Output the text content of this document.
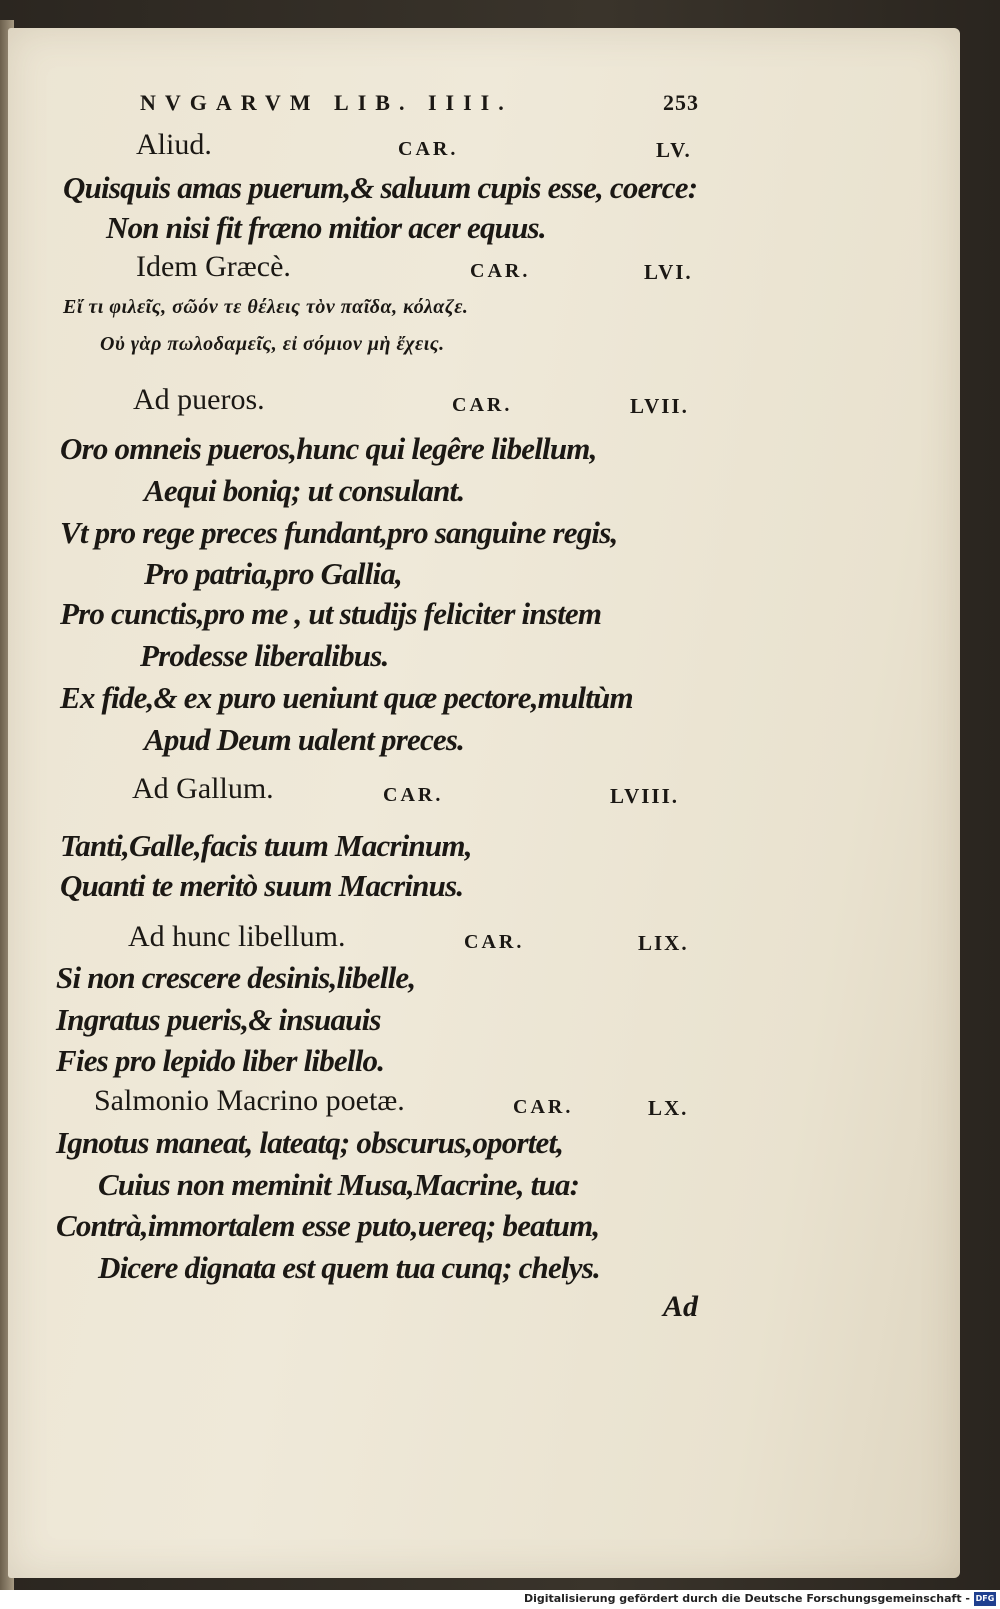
NVGARVM LIB. IIII.	253
Aliud.	CAR.	LV.
Quisquis amas puerum,& saluum cupis esse, coerce:
Non nisi fit fræno mitior acer equus.
Idem Græcè.	CAR.	LVI.
Εἴ τι φιλεῖς, σῶόν τε θέλεις τὸν παῖδα, κόλαζε.
Οὐ γὰρ πωλοδαμεῖς, εἰ σόμιον μὴ ἔχεις.
Ad pueros.	CAR.	LVII.
Oro omneis pueros,hunc qui legêre libellum,
Aequi boniq; ut consulant.
Vt pro rege preces fundant,pro sanguine regis,
Pro patria,pro Gallia,
Pro cunctis,pro me , ut studijs feliciter instem
Prodesse liberalibus.
Ex fide,& ex puro ueniunt quæ pectore,multùm
Apud Deum ualent preces.
Ad Gallum.	CAR.	LVIII.
Tanti,Galle,facis tuum Macrinum,
Quanti te meritò suum Macrinus.
Ad hunc libellum.	CAR.	LIX.
Si non crescere desinis,libelle,
Ingratus pueris,& insuauis
Fies pro lepido liber libello.
Salmonio Macrino poetæ.	CAR.	LX.
Ignotus maneat, lateatq; obscurus,oportet,
Cuius non meminit Musa,Macrine, tua:
Contrà,immortalem esse puto,uereq; beatum,
Dicere dignata est quem tua cunq; chelys.
Ad
Digitalisierung gefördert durch die Deutsche Forschungsgemeinschaft - DFG
